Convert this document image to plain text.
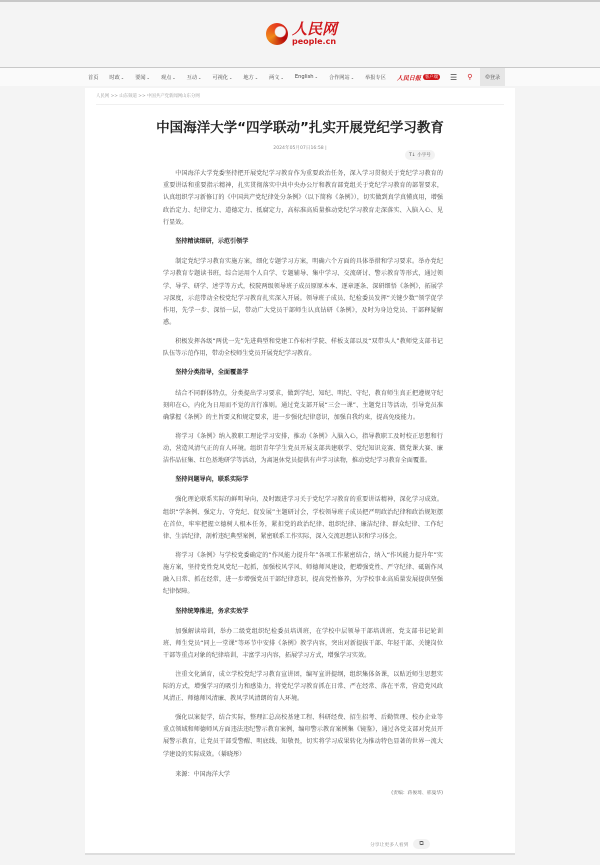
人民网
people.cn
首页 时政⌄ 要闻⌄ 观点⌄ 互动⌄ 可视化⌄ 地方⌄ 两文⌄ English⌄ 合作网站⌄ 举报专区 人民日报 客户端 ☰ ⚲	◎ 登录
人民网 >> 山东频道 >> 中国共产党新闻网山东分网
中国海洋大学“四学联动”扎实开展党纪学习教育
2024年05月07日16:58 |
T↓ 小字号

中国海洋大学党委坚持把开展党纪学习教育作为重要政治任务，深入学习贯彻关于党纪学习教育的重要讲话和重要指示精神，扎实贯彻落实中共中央办公厅和教育部党组关于党纪学习教育的部署要求，认真组织学习新修订的《中国共产党纪律处分条例》（以下简称《条例》），切实做到真学真懂真用，增强政治定力、纪律定力、道德定力、抵腐定力，高标准高质量推动党纪学习教育走深落实、入脑入心、见行显效。

坚持精读细研，示范引领学

制定党纪学习教育实施方案，细化专题学习方案，明确六个方面的具体举措和学习要求。举办党纪学习教育专题读书班，综合运用个人自学、专题辅导、集中学习、交流研讨、警示教育等形式，通过领学、导学、研学、述学等方式，校院两级领导班子成员原原本本、逐章逐条、深研细悟《条例》，拓展学习深度，示范带动全校党纪学习教育扎实深入开展。领导班子成员、纪检委员发挥“关键少数”领学促学作用，先学一步、深悟一层，带动广大党员干部师生认真钻研《条例》，及时为身边党员、干部释疑解惑。

积极发挥各级“两优一先”先进典型和党建工作标杆学院、样板支部以及“双带头人”教师党支部书记队伍等示范作用，带动全校师生党员开展党纪学习教育。

坚持分类指导，全面覆盖学

结合不同群体特点，分类提出学习要求，做到学纪、知纪、明纪、守纪，教育师生真正把遵规守纪刻印在心，内化为日用而不觉的言行准则。通过党支部开展“三会一课”、主题党日等活动，引导党员准确掌握《条例》的主旨要义和规定要求，进一步强化纪律意识，加强自我约束，提高免疫能力。

将学习《条例》纳入教职工理论学习安排，推动《条例》入脑入心，指导教职工及时校正思想和行动，营造风清气正的育人环境。组织青年学生党员开展支部共建联学、党纪知识竞赛、微党课大赛、廉洁作品征集、红色基地研学等活动，为离退休党员提供有声学习读物，推动党纪学习教育全面覆盖。

坚持问题导向，联系实际学

强化理论联系实际的鲜明导向，及时跟进学习关于党纪学习教育的重要讲话精神，深化学习成效。组织“学条例、强定力、守党纪、促发展”主题研讨会，学校领导班子成员把严明政治纪律和政治规矩摆在首位，牢牢把握立德树人根本任务，紧扣党的政治纪律、组织纪律、廉洁纪律、群众纪律、工作纪律、生活纪律，剖析违纪典型案例，紧密联系工作实际，深入交流思想认识和学习体会。

将学习《条例》与学校党委确定的“作风能力提升年”各项工作紧密结合，纳入“作风能力提升年”实施方案，坚持党性党风党纪一起抓，加强校风学风、师德师风建设，把增强党性、严守纪律、砥砺作风融入日常、抓在经常，进一步增强党员干部纪律意识，提高党性修养，为学校事业高质量发展提供坚强纪律保障。

坚持统筹推进，务求实效学

加强解读培训，举办二级党组织纪检委员培训班，在学校中层领导干部培训班、党支部书记轮训班、师生党员“同上一堂课”等环节中安排《条例》教学内容，突出对新提拔干部、年轻干部、关键岗位干部等重点对象的纪律培训，丰富学习内容，拓展学习方式，增强学习实效。

注重文化涵育，成立学校党纪学习教育宣讲团，编写宣讲提纲，组织集体备课，以贴近师生思想实际的方式，增强学习的吸引力和感染力，将党纪学习教育抓在日常、严在经常、落在平常，营造党风政风清正、师德师风清廉、教风学风清朗的育人环境。

强化以案促学，结合实际，整理汇总高校基建工程、科研经费、招生招考、后勤管理、校办企业等重点领域和师德师风方面违法违纪警示教育案例，编印警示教育案例集《镜鉴》，通过各党支部对党员开展警示教育，让党员干部受警醒、明底线、知敬畏，切实将学习成果转化为推动特色显著的世界一流大学建设的实际成效。（綦晓彤）

来源：中国海洋大学

(责编：蒋俊琦、邢曼华)
分享让更多人看到	⧉
